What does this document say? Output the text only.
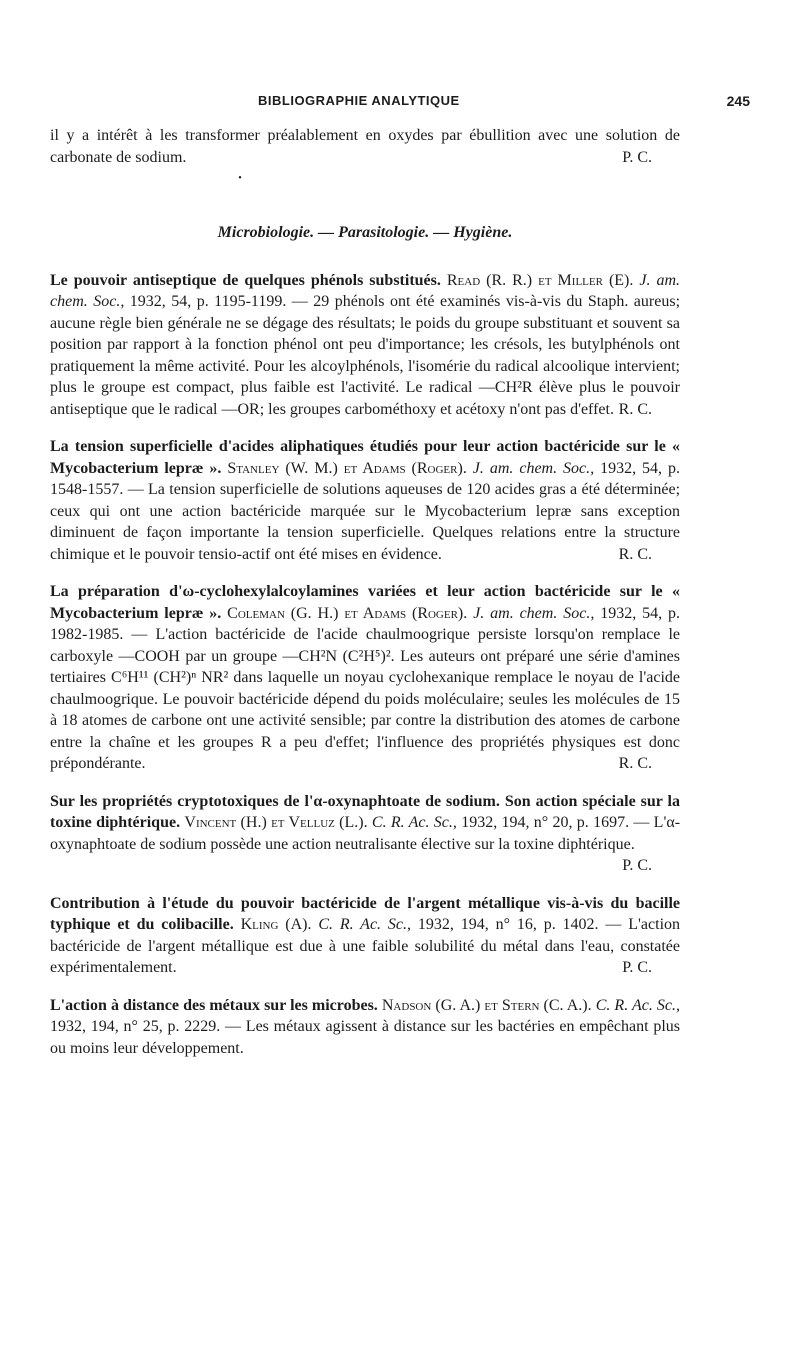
BIBLIOGRAPHIE ANALYTIQUE	245

il y a intérêt à les transformer préalablement en oxydes par ébullition avec une solution de carbonate de sodium.	P. C.

•
Microbiologie. — Parasitologie. — Hygiène.

Le pouvoir antiseptique de quelques phénols substitués. Read (R. R.) et Miller (E). J. am. chem. Soc., 1932, 54, p. 1195-1199. — 29 phénols ont été examinés vis-à-vis du Staph. aureus; aucune règle bien générale ne se dégage des résultats; le poids du groupe substituant et souvent sa position par rapport à la fonction phénol ont peu d'importance; les crésols, les butylphénols ont pratiquement la même activité. Pour les alcoylphénols, l'isomérie du radical alcoolique intervient; plus le groupe est compact, plus faible est l'activité. Le radical —CH²R élève plus le pouvoir antiseptique que le radical —OR; les groupes carbométhoxy et acétoxy n'ont pas d'effet. R. C.

La tension superficielle d'acides aliphatiques étudiés pour leur action bactéricide sur le « Mycobacterium lepræ ». Stanley (W. M.) et Adams (Roger). J. am. chem. Soc., 1932, 54, p. 1548-1557. — La tension superficielle de solutions aqueuses de 120 acides gras a été déterminée; ceux qui ont une action bactéricide marquée sur le Mycobacterium lepræ sans exception diminuent de façon importante la tension superficielle. Quelques relations entre la structure chimique et le pouvoir tensio-actif ont été mises en évidence.	R. C.

La préparation d'ω-cyclohexylalcoylamines variées et leur action bactéricide sur le « Mycobacterium lepræ ». Coleman (G. H.) et Adams (Roger). J. am. chem. Soc., 1932, 54, p. 1982-1985. — L'action bactéricide de l'acide chaulmoogrique persiste lorsqu'on remplace le carboxyle —COOH par un groupe —CH²N (C²H⁵)². Les auteurs ont préparé une série d'amines tertiaires C⁶H¹¹ (CH²)ⁿ NR² dans laquelle un noyau cyclohexanique remplace le noyau de l'acide chaulmoogrique. Le pouvoir bactéricide dépend du poids moléculaire; seules les molécules de 15 à 18 atomes de carbone ont une activité sensible; par contre la distribution des atomes de carbone entre la chaîne et les groupes R a peu d'effet; l'influence des propriétés physiques est donc prépondérante.	R. C.

Sur les propriétés cryptotoxiques de l'α-oxynaphtoate de sodium. Son action spéciale sur la toxine diphtérique. Vincent (H.) et Velluz (L.). C. R. Ac. Sc., 1932, 194, n° 20, p. 1697. — L'α-oxynaphtoate de sodium possède une action neutralisante élective sur la toxine diphtérique.
P. C.

Contribution à l'étude du pouvoir bactéricide de l'argent métallique vis-à-vis du bacille typhique et du colibacille. Kling (A). C. R. Ac. Sc., 1932, 194, n° 16, p. 1402. — L'action bactéricide de l'argent métallique est due à une faible solubilité du métal dans l'eau, constatée expérimentalement.	P. C.

L'action à distance des métaux sur les microbes. Nadson (G. A.) et Stern (C. A.). C. R. Ac. Sc., 1932, 194, n° 25, p. 2229. — Les métaux agissent à distance sur les bactéries en empêchant plus ou moins leur développement.
